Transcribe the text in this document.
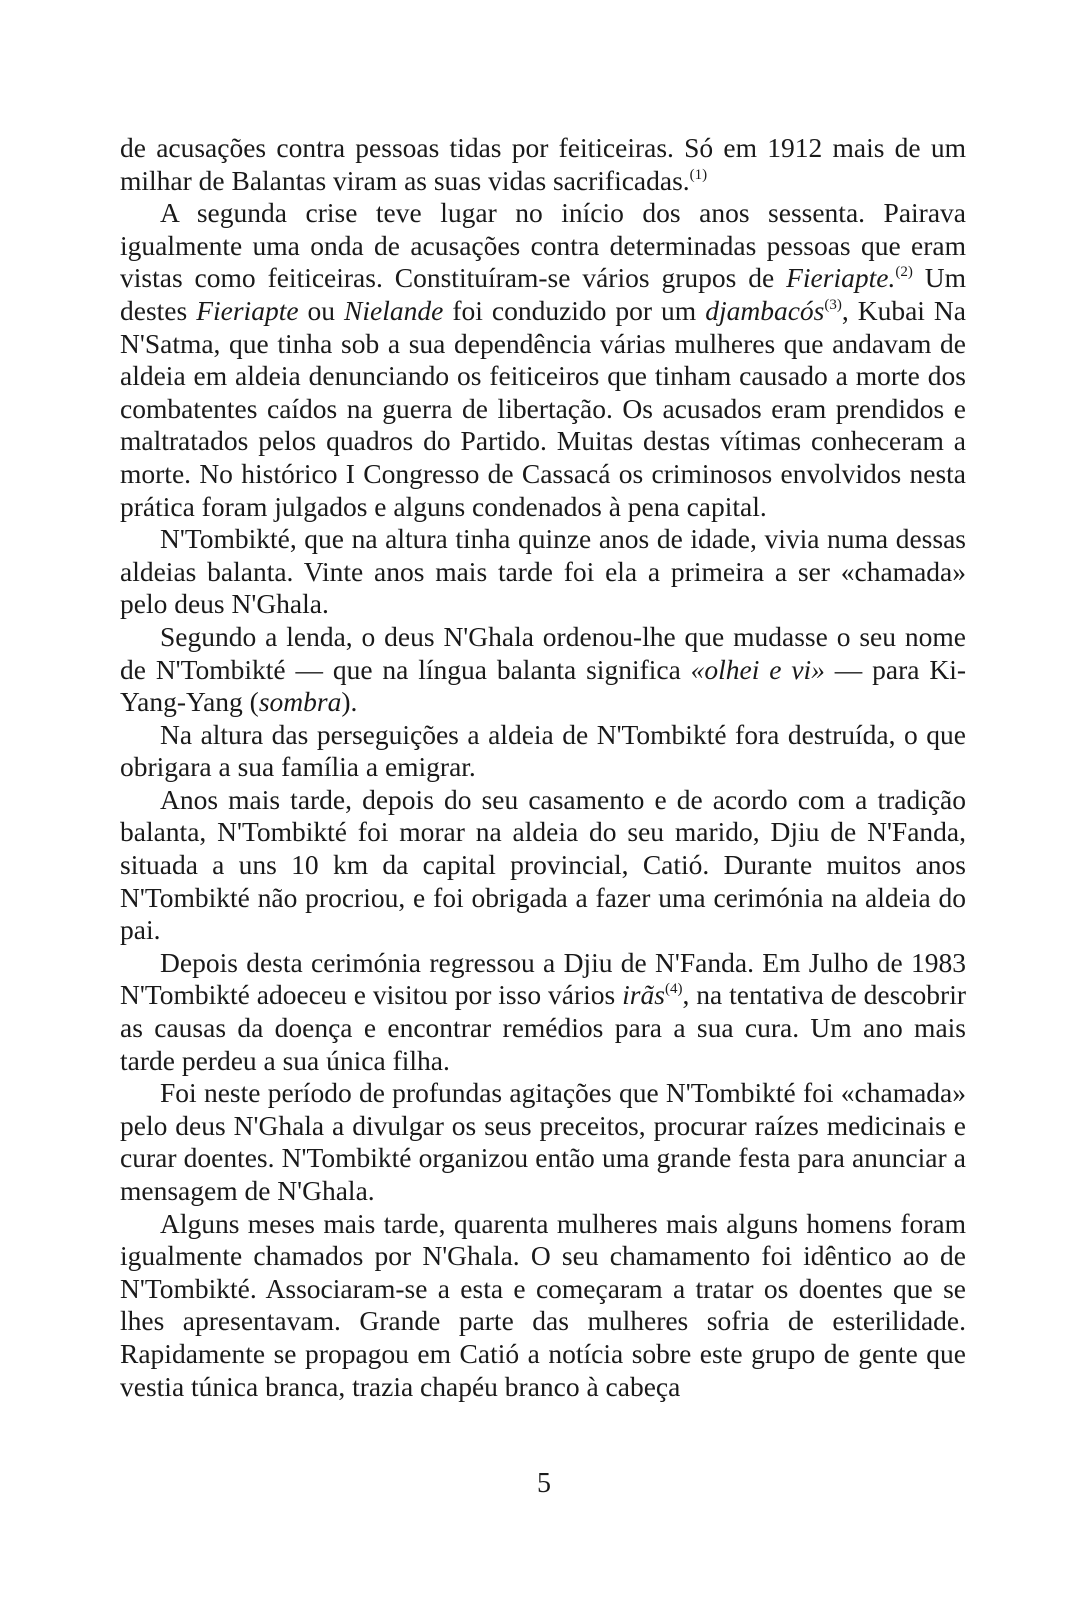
de acusações contra pessoas tidas por feiticeiras. Só em 1912 mais de um milhar de Balantas viram as suas vidas sacrificadas.$^{(1)}$

A segunda crise teve lugar no início dos anos sessenta. Pairava igualmente uma onda de acusações contra determinadas pessoas que eram vistas como feiticeiras. Constituíram-se vários grupos de Fieriapte.$^{(2)}$ Um destes Fieriapte ou Nielande foi conduzido por um djambacós$^{(3)}$, Kubai Na N'Satma, que tinha sob a sua dependência várias mulheres que andavam de aldeia em aldeia denunciando os feiticeiros que tinham causado a morte dos combatentes caídos na guerra de libertação. Os acusados eram prendidos e maltratados pelos quadros do Partido. Muitas destas vítimas conheceram a morte. No histórico I Congresso de Cassacá os criminosos envolvidos nesta prática foram julgados e alguns condenados à pena capital.

N'Tombikté, que na altura tinha quinze anos de idade, vivia numa dessas aldeias balanta. Vinte anos mais tarde foi ela a primeira a ser «chamada» pelo deus N'Ghala.

Segundo a lenda, o deus N'Ghala ordenou-lhe que mudasse o seu nome de N'Tombikté — que na língua balanta significa «olhei e vi» — para Ki-Yang-Yang (sombra).

Na altura das perseguições a aldeia de N'Tombikté fora destruída, o que obrigara a sua família a emigrar.

Anos mais tarde, depois do seu casamento e de acordo com a tradição balanta, N'Tombikté foi morar na aldeia do seu marido, Djiu de N'Fanda, situada a uns 10 km da capital provincial, Catió. Durante muitos anos N'Tombikté não procriou, e foi obrigada a fazer uma cerimónia na aldeia do pai.

Depois desta cerimónia regressou a Djiu de N'Fanda. Em Julho de 1983 N'Tombikté adoeceu e visitou por isso vários irãs$^{(4)}$, na tentativa de descobrir as causas da doença e encontrar remédios para a sua cura. Um ano mais tarde perdeu a sua única filha.

Foi neste período de profundas agitações que N'Tombikté foi «chamada» pelo deus N'Ghala a divulgar os seus preceitos, procurar raízes medicinais e curar doentes. N'Tombikté organizou então uma grande festa para anunciar a mensagem de N'Ghala.

Alguns meses mais tarde, quarenta mulheres mais alguns homens foram igualmente chamados por N'Ghala. O seu chamamento foi idêntico ao de N'Tombikté. Associaram-se a esta e começaram a tratar os doentes que se lhes apresentavam. Grande parte das mulheres sofria de esterilidade. Rapidamente se propagou em Catió a notícia sobre este grupo de gente que vestia túnica branca, trazia chapéu branco à cabeça

5
